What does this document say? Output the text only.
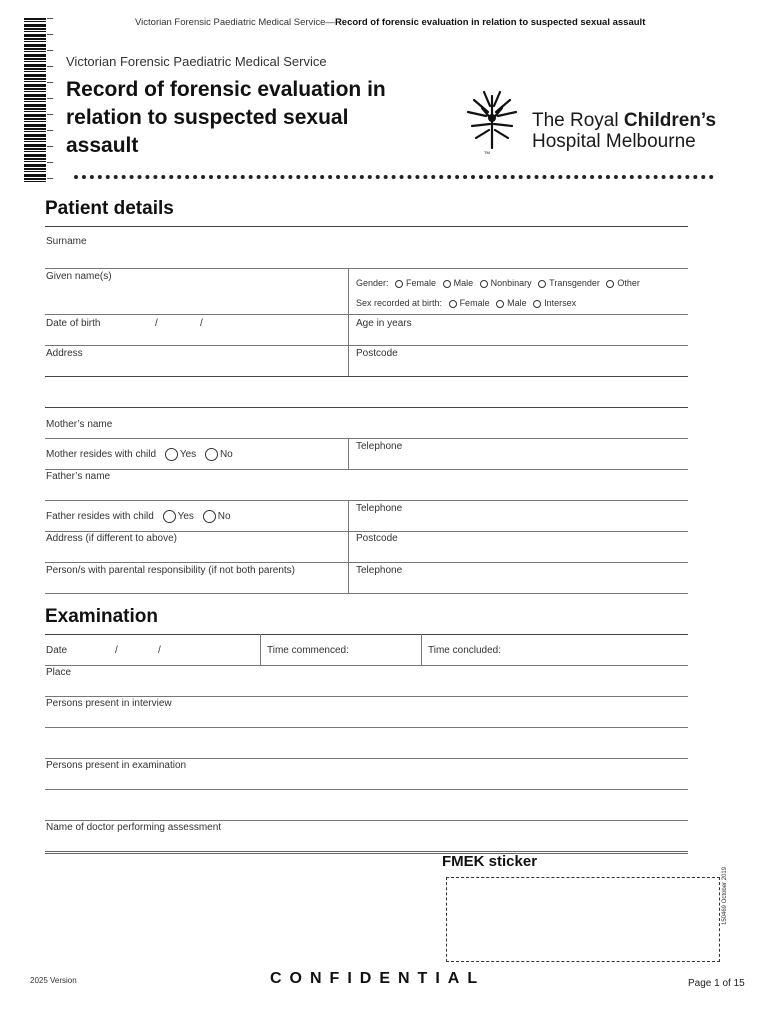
Victorian Forensic Paediatric Medical Service—Record of forensic evaluation in relation to suspected sexual assault
Victorian Forensic Paediatric Medical Service
Record of forensic evaluation in relation to suspected sexual assault	TM
The Royal Children’s
Hospital Melbourne
Patient details
Surname
Given name(s)
Gender: Female Male Nonbinary Transgender Other
Sex recorded at birth: Female Male Intersex
Date of birth	/	/	Age in years
Address	Postcode
Mother’s name
Mother resides with child Yes No
Telephone
Father’s name
Father resides with child Yes No
Telephone
Address (if different to above)	Postcode
Person/s with parental responsibility (if not both parents)	Telephone
Examination
Date	/	/	Time commenced:	Time concluded:
Place
Persons present in interview
Persons present in examination
Name of doctor performing assessment
FMEK sticker
150469 October 2019
2025 Version	CONFIDENTIAL	Page 1 of 15
